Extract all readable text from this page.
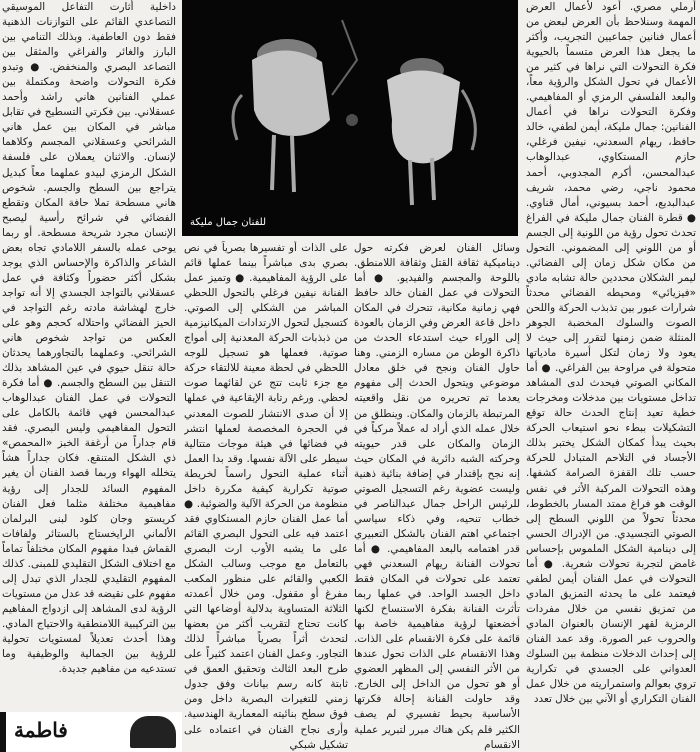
أرملي مصري. أعود لأعمال العرض المهمة وسنلاحظ بأن العرض لبعض من أعمال فنانين جماعيين التجريب، وأكثر ما يجعل هذا العرض متسماً بالحيوية فكرة التحولات التي نراها في كثير من الأعمال في تحول الشكل والرؤية معاً، والبعد الفلسفي الرمزي أو المفاهيمي. وفكرة التحولات نراها في أعمال الفنانين: جمال مليكة، أيمن لطفي، خالد حافظ، ريهام السعدني، نيفين فرغلي، حازم المستكاوي، عبدالوهاب عبدالمحسن، أكرم المجدوبي، أحمد محمود ناجي، رضي محمد، شريف عبدالبديع، أحمد بسيوني، أمال قناوي. ● قطرة الفنان جمال مليكة في الفراغ تحدث تحول رؤية من اللونية إلى الجسم أو من اللوني إلى المضموني. التحول من مكان شكل زمان إلى الفضائي. ليمر الشكلان محددين حالة تشابه مادي «فيزيائي» ومحيطه الفضائي محدثاً شرارات عبور بين تذبذب الحركة واللحن الصوت والسلوك المخضبة الجوهر المنثلة ضمن زمنها لتقرر إلى حيث لا يعود ولا زمان لتكل أسيرة مادياتها متحولة في مراوحة بين الفراغي. ● أما المكاني الصوتي فيحدث لدى المشاهد تداخل مستويات بين مدخلات ومخرجات خطية تعيد إنتاج الحدث حالة توقع التشكيلات ببطء نحو استيعاب الحركة بحيث يبدأ كمكان الشكل يختبر بذلك الأجساد في التلاحم المتبادل للحركة حسب تلك القفزة الصرامة كشفها. وهذه التحولات المركبة الأثر في نفس الوقت هو فراغ ممتد المسار بالخطوط، محدثاً تحولاً من اللوني السطح إلى الصوتي التجسيدي. من الإدراك الحسي إلى دينامية الشكل الملموس بإحساس غامض لتجربة تحولات شعرية. ● أما التحولات في عمل الفنان أيمن لطفي فيعتمد على ما يحدثه التمزيق المادي من تمزيق نفسي من خلال مفردات الرمزية لقهر الإنسان بالعنوان المادي والحروب عبر الصورة. وقد عمد الفنان إلى إحداث الدخلات منظمة بين السلوك العدواني على الجسدي في تكرارية تروي بعوالم واستمراريته من خلال عمل الفنان التكراري أو الآني بين خلال تعدد

وسائل الفنان لعرض فكرته حول ديناميكية ثقافة القتل وثقافة اللامنطق. باللوحة والمجسم والفيديو. ● أما التحولات في عمل الفنان خالد حافظ فهي زمانية مكانية، تتحرك في المكان داخل قاعة العرض وفي الزمان بالعودة إلى الوراء حيث استدعاء الحدث من ذاكرة الوطن من مساره الزمني. وهنا حاول الفنان ونجح في خلق معادل موضوعي ويتحول الحدث إلى مفهوم يعدما تم تحريره من نقل واقعيته المرتبطة بالزمان والمكان. وينطلق من خلال عمله الذي أراد له عملاً مركباً في الزمان والمكان على قدر حيويته وحركته الشبه دائرية في المكان حيث إنه نجح بإقتدار في إضافة بنائية ذهنية وليست عضوية رغم التسجيل الصوتي للرئيس الراحل جمال عبدالناصر في خطاب تنحيه، وفي ذكاء سياسي اجتماعي اهتم الفنان بالشكل التعبيري قدر اهتمامه بالبعد المفاهيمي. ● أما تحولات الفنانة ريهام السعدني فهي تعتمد على تحولات في المكان فقط داخل الجسد الواحد. في عملها ربما تأثرت الفنانة بفكرة الاستنساخ لكنها أخضعتها لرؤية مفاهيمية خاصة بها قائمة على فكرة الانقسام على الذات. وهذا الانقسام على الذات تحول عندها من الأثر النفسي إلى المظهر العضوي أو هو تحول من الداخل إلى الخارج. وقد حاولت الفنانة إحالة فكرتها الأساسية بحيط تفسيري لم يصف الكثير فلم يكن هناك مبرر لتبرير عملية الانقسام

على الذات أو تفسيرها بصرياً في نص بصري بدى مباشراً بينما عملها قائم على الرؤية المفاهيمية. ● وتميز عمل الفنانة نيفين فرغلي بالتحول اللحظي المباشر من الشكلي إلى الصوتي. كتسجيل لتحول الارتدادات الميكانيزمية من ذبذبات الحركة المعدنية إلى أمواج صوتية. فعملها هو تسجيل للوجه اللحظي في لحظة معينة للالتقاء حركة مع جزء ثابت تتج عن لقائهما صوت لحظي. ورغم رتابة الإيقاعية في عملها إلا أن صدى الانتشار للصوت المعدني في الحجرة المخصصة لعملها انتشر في فضائها في هيئة موجات متتالية سيطر على الآلة نفسها. وقد بدا العمل أثناء عملية التحول راسماً لخريطة صوتية تكرارية كيفية مكررة داخل منظومة من الحركة الآلية والضوئية. ● أما عمل الفنان حازم المستكاوي فقد اعتمد فيه على التحول البصري القائم على ما يشبه الأوب ارت البصري بالتعامل مع موجب وسالب الشكل الكعبي والقائم على منظور المكعب مفرغ أو مقفول. ومن خلال أعمدته الثلاثة المتساوية بدلالية أوضاعها التي كانت تحتاج لتقريب أكثر من بعضها لتحدث أثراً بصرياً مباشراً لذلك التجاور. وعمل الفنان اعتمد كثيراً على طرح البعد الثالث وتحقيق العمق في ثابتة كانه رسم بيانات وفق جدول زمني للتغيرات البصرية داخل ومن فوق سطح بنائيته المعمارية الهندسية. وأرى نجاح الفنان في اعتماده على تشكيل شبكي

داخلية أثارت التفاعل الموسيقي التصاعدي القائم على التوازنات الذهنية فقط دون العاطفية. وبذلك التنامي بين البارز والغائر والفراغي والمثقل بين التصاعد البصري والمنخفض. ● وتبدو فكرة التحولات واضحة ومكتملة بين عملي الفنانين هاني راشد وأحمد عسقلاني. بين فكرتي التسطيح في تقابل مباشر في المكان بين عمل هاني الشرائحي وعسقلاني المجسم وكلاهما لإنسان. والاثنان يعملان على فلسفة الشكل الرمزي لبيدو عملهما معاً كبديل يتراجع بين السطح والجسم. شخوص هاني مسطحة تملا حافة المكان وتقطع الفضائي في شرائح رأسية ليصبح الإنسان مجرد شريحة مسطحة. أو ربما يوحى عمله بالسفر اللامادي تجاه بعض الشاعر والذاكرة والإحساس الذي يوجد بشكل أكثر حضوراً وكثافة في عمل عسقلاني بالتواجد الجسدي إلا أنه تواجد خارج لهشاشة مادته رغم التواجد في الحيز الفضائي واحتلاله كحجم وهو على العكس من تواجد شخوص هاني الشرائحي. وعملهما بالتجاورهما يحدثان حالة تنقل حيوي في عين المشاهد بذلك التنقل بين السطح والجسم. ● أما فكرة التحولات في عمل الفنان عبدالوهاب عبدالمحسن فهي قائمة بالكامل على التحول المفاهيمي وليس البصري. فقد قام جداراً من أرغفة الخبز «المحمص» ذي الشكل المتنقع. فكان جداراً هشاً يتخلله الهواء وربما قصد الفنان أن يغير المفهوم السائد للجدار إلى رؤية مفاهيمية مختلفة مثلما فعل الفنان كريستو وجان كلود لبنى البرلمان الألماني الرايخستاج بالستائر ولفافات القماش فبدا مفهوم المكان مختلفاً تماماً مع اختلاف الشكل التقليدي للمبنى. كذلك المفهوم التقليدي للجدار الذي تبدل إلى مفهوم على نقيضه قد عدل من مستويات الرؤية لدى المشاهد إلى ازدواج المفاهيم بين التركيبية اللامنطقية والاحتياج المادي. وهذا أحدث تعديلاً لمستويات تحولية للرؤية بين الجمالية والوظيفية وما تستدعيه من مفاهيم جديدة.

للفنان جمال مليكة
فاطمة
